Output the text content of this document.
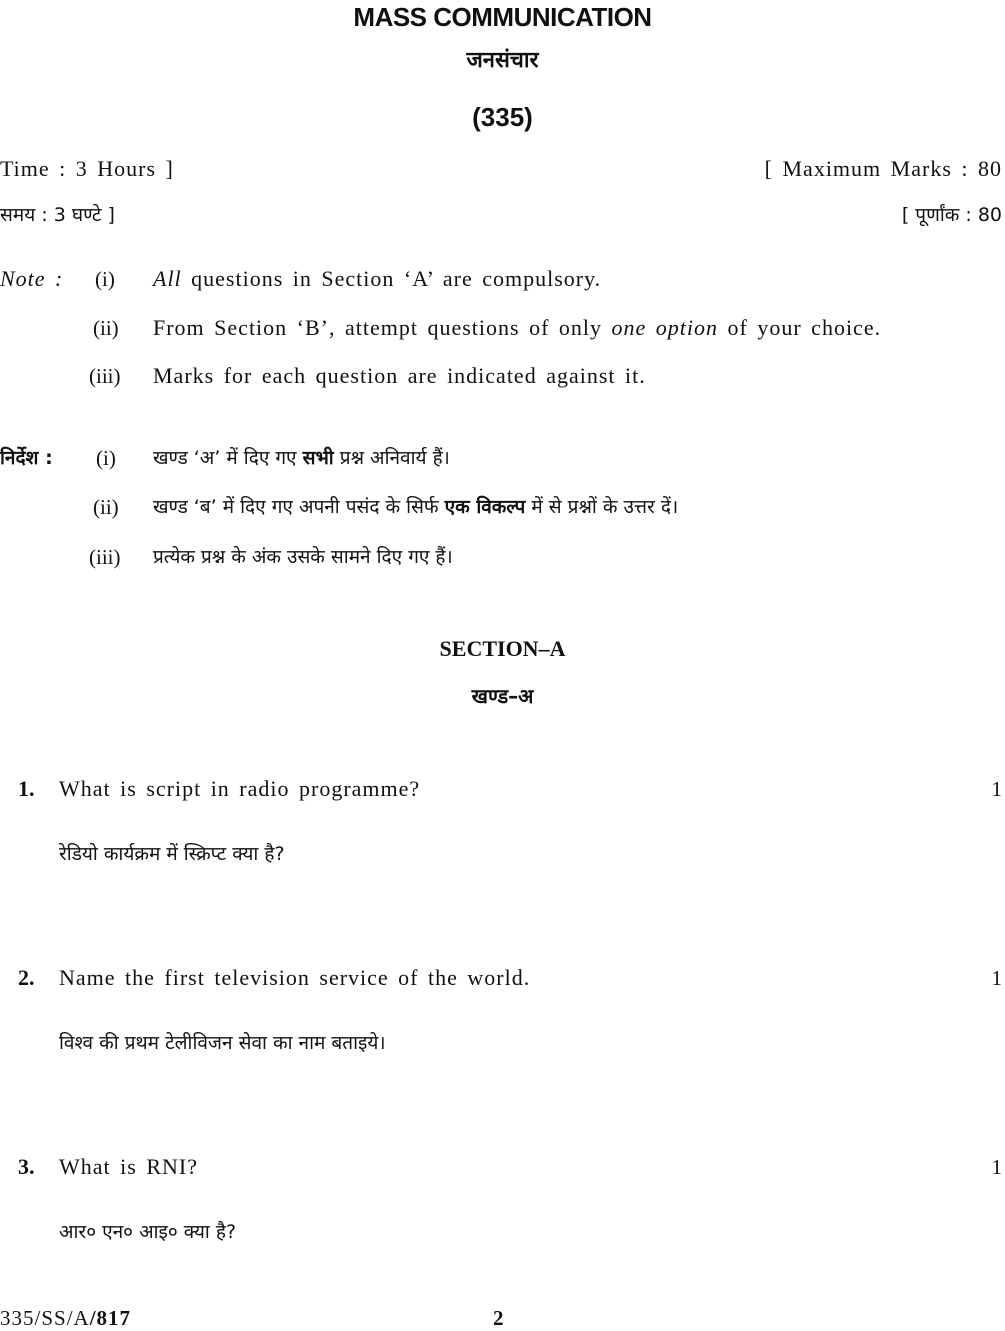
MASS COMMUNICATION
जनसंचार
(335)
Time : 3 Hours ]	[ Maximum Marks : 80
समय : 3 घण्टे ]	[ पूर्णांक : 80
Note : (i) All questions in Section ‘A’ are compulsory.
(ii) From Section ‘B’, attempt questions of only one option of your choice.
(iii) Marks for each question are indicated against it.
निर्देश : (i) खण्ड ‘अ’ में दिए गए सभी प्रश्न अनिवार्य हैं।
(ii) खण्ड ‘ब’ में दिए गए अपनी पसंद के सिर्फ एक विकल्प में से प्रश्नों के उत्तर दें।
(iii) प्रत्येक प्रश्न के अंक उसके सामने दिए गए हैं।
SECTION–A
खण्ड–अ
1. What is script in radio programme?	1
रेडियो कार्यक्रम में स्क्रिप्ट क्या है?
2. Name the first television service of the world.	1
विश्व की प्रथम टेलीविजन सेवा का नाम बताइये।
3. What is RNI?	1
आर० एन० आइ० क्या है?
335/SS/A/817	2
